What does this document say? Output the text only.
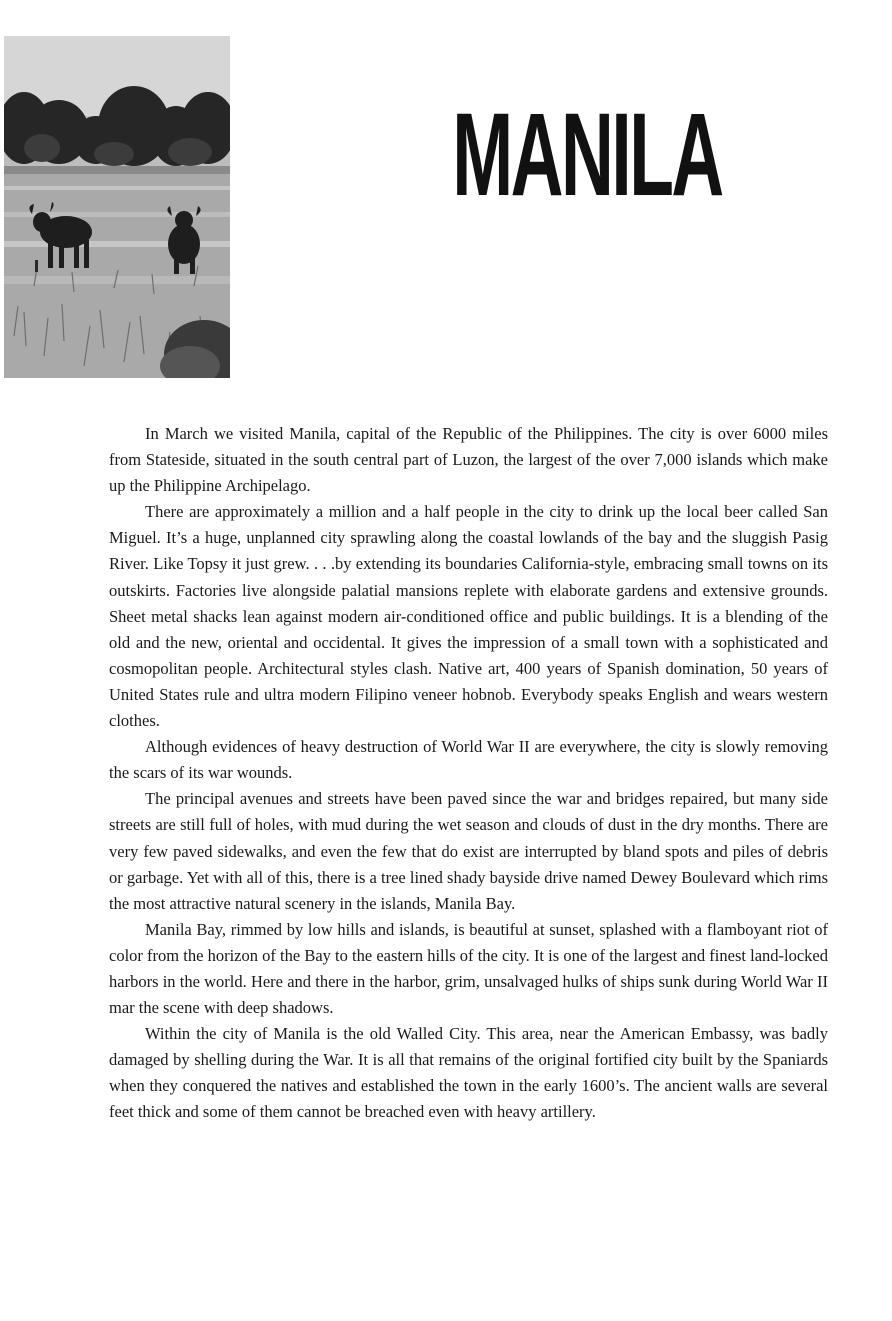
MANILA

In March we visited Manila, capital of the Republic of the Philippines. The city is over 6000 miles from Stateside, situated in the south central part of Luzon, the largest of the over 7,000 islands which make up the Philippine Archipelago.

There are approximately a million and a half people in the city to drink up the local beer called San Miguel. It’s a huge, unplanned city sprawling along the coastal lowlands of the bay and the sluggish Pasig River. Like Topsy it just grew. . . .by extending its boundaries California-style, embracing small towns on its outskirts. Factories live alongside palatial mansions replete with elaborate gardens and extensive grounds. Sheet metal shacks lean against modern air-conditioned office and public buildings. It is a blending of the old and the new, oriental and occidental. It gives the impression of a small town with a sophisticated and cosmopolitan people. Architectural styles clash. Native art, 400 years of Spanish domination, 50 years of United States rule and ultra modern Filipino veneer hobnob. Everybody speaks English and wears western clothes.

Although evidences of heavy destruction of World War II are everywhere, the city is slowly removing the scars of its war wounds.

The principal avenues and streets have been paved since the war and bridges repaired, but many side streets are still full of holes, with mud during the wet season and clouds of dust in the dry months. There are very few paved sidewalks, and even the few that do exist are interrupted by bland spots and piles of debris or garbage. Yet with all of this, there is a tree lined shady bayside drive named Dewey Boulevard which rims the most attractive natural scenery in the islands, Manila Bay.

Manila Bay, rimmed by low hills and islands, is beautiful at sunset, splashed with a flamboyant riot of color from the horizon of the Bay to the eastern hills of the city. It is one of the largest and finest land-locked harbors in the world. Here and there in the harbor, grim, unsalvaged hulks of ships sunk during World War II mar the scene with deep shadows.

Within the city of Manila is the old Walled City. This area, near the American Embassy, was badly damaged by shelling during the War. It is all that remains of the original fortified city built by the Spaniards when they conquered the natives and established the town in the early 1600’s. The ancient walls are several feet thick and some of them cannot be breached even with heavy artillery.
